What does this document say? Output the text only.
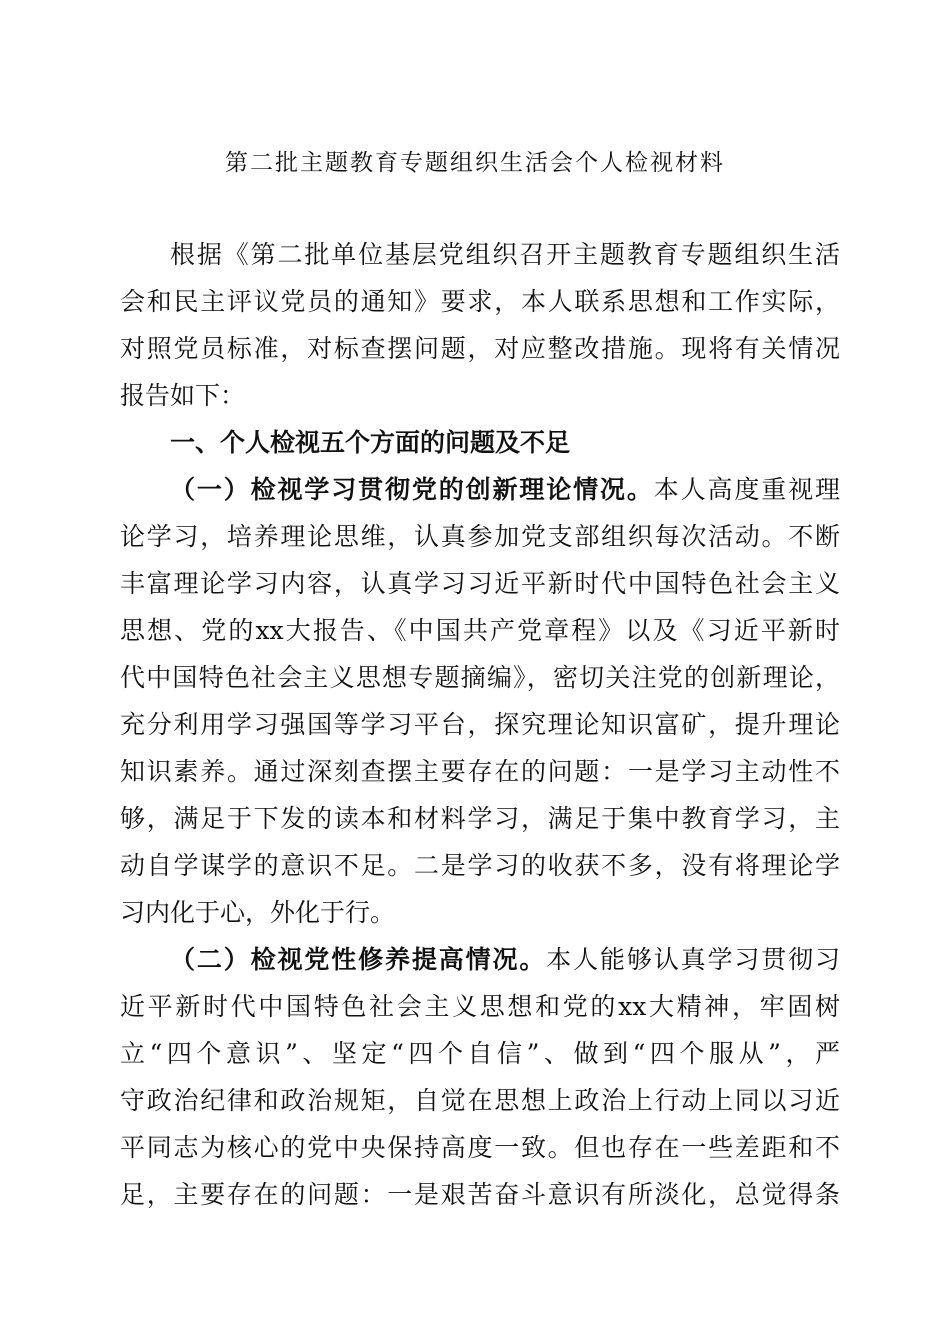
第二批主题教育专题组织生活会个人检视材料
根据《第二批单位基层党组织召开主题教育专题组织生活
会和民主评议党员的通知》要求，本人联系思想和工作实际，
对照党员标准，对标查摆问题，对应整改措施。现将有关情况
报告如下：
一、个人检视五个方面的问题及不足
（一）检视学习贯彻党的创新理论情况。本人高度重视理
论学习，培养理论思维，认真参加党支部组织每次活动。不断
丰富理论学习内容，认真学习习近平新时代中国特色社会主义
思想、党的xx大报告、《中国共产党章程》以及《习近平新时
代中国特色社会主义思想专题摘编》，密切关注党的创新理论，
充分利用学习强国等学习平台，探究理论知识富矿，提升理论
知识素养。通过深刻查摆主要存在的问题：一是学习主动性不
够，满足于下发的读本和材料学习，满足于集中教育学习，主
动自学谋学的意识不足。二是学习的收获不多，没有将理论学
习内化于心，外化于行。
（二）检视党性修养提高情况。本人能够认真学习贯彻习
近平新时代中国特色社会主义思想和党的xx大精神，牢固树
立“四个意识”、坚定“四个自信”、做到“四个服从”，严
守政治纪律和政治规矩，自觉在思想上政治上行动上同以习近
平同志为核心的党中央保持高度一致。但也存在一些差距和不
足，主要存在的问题：一是艰苦奋斗意识有所淡化，总觉得条
